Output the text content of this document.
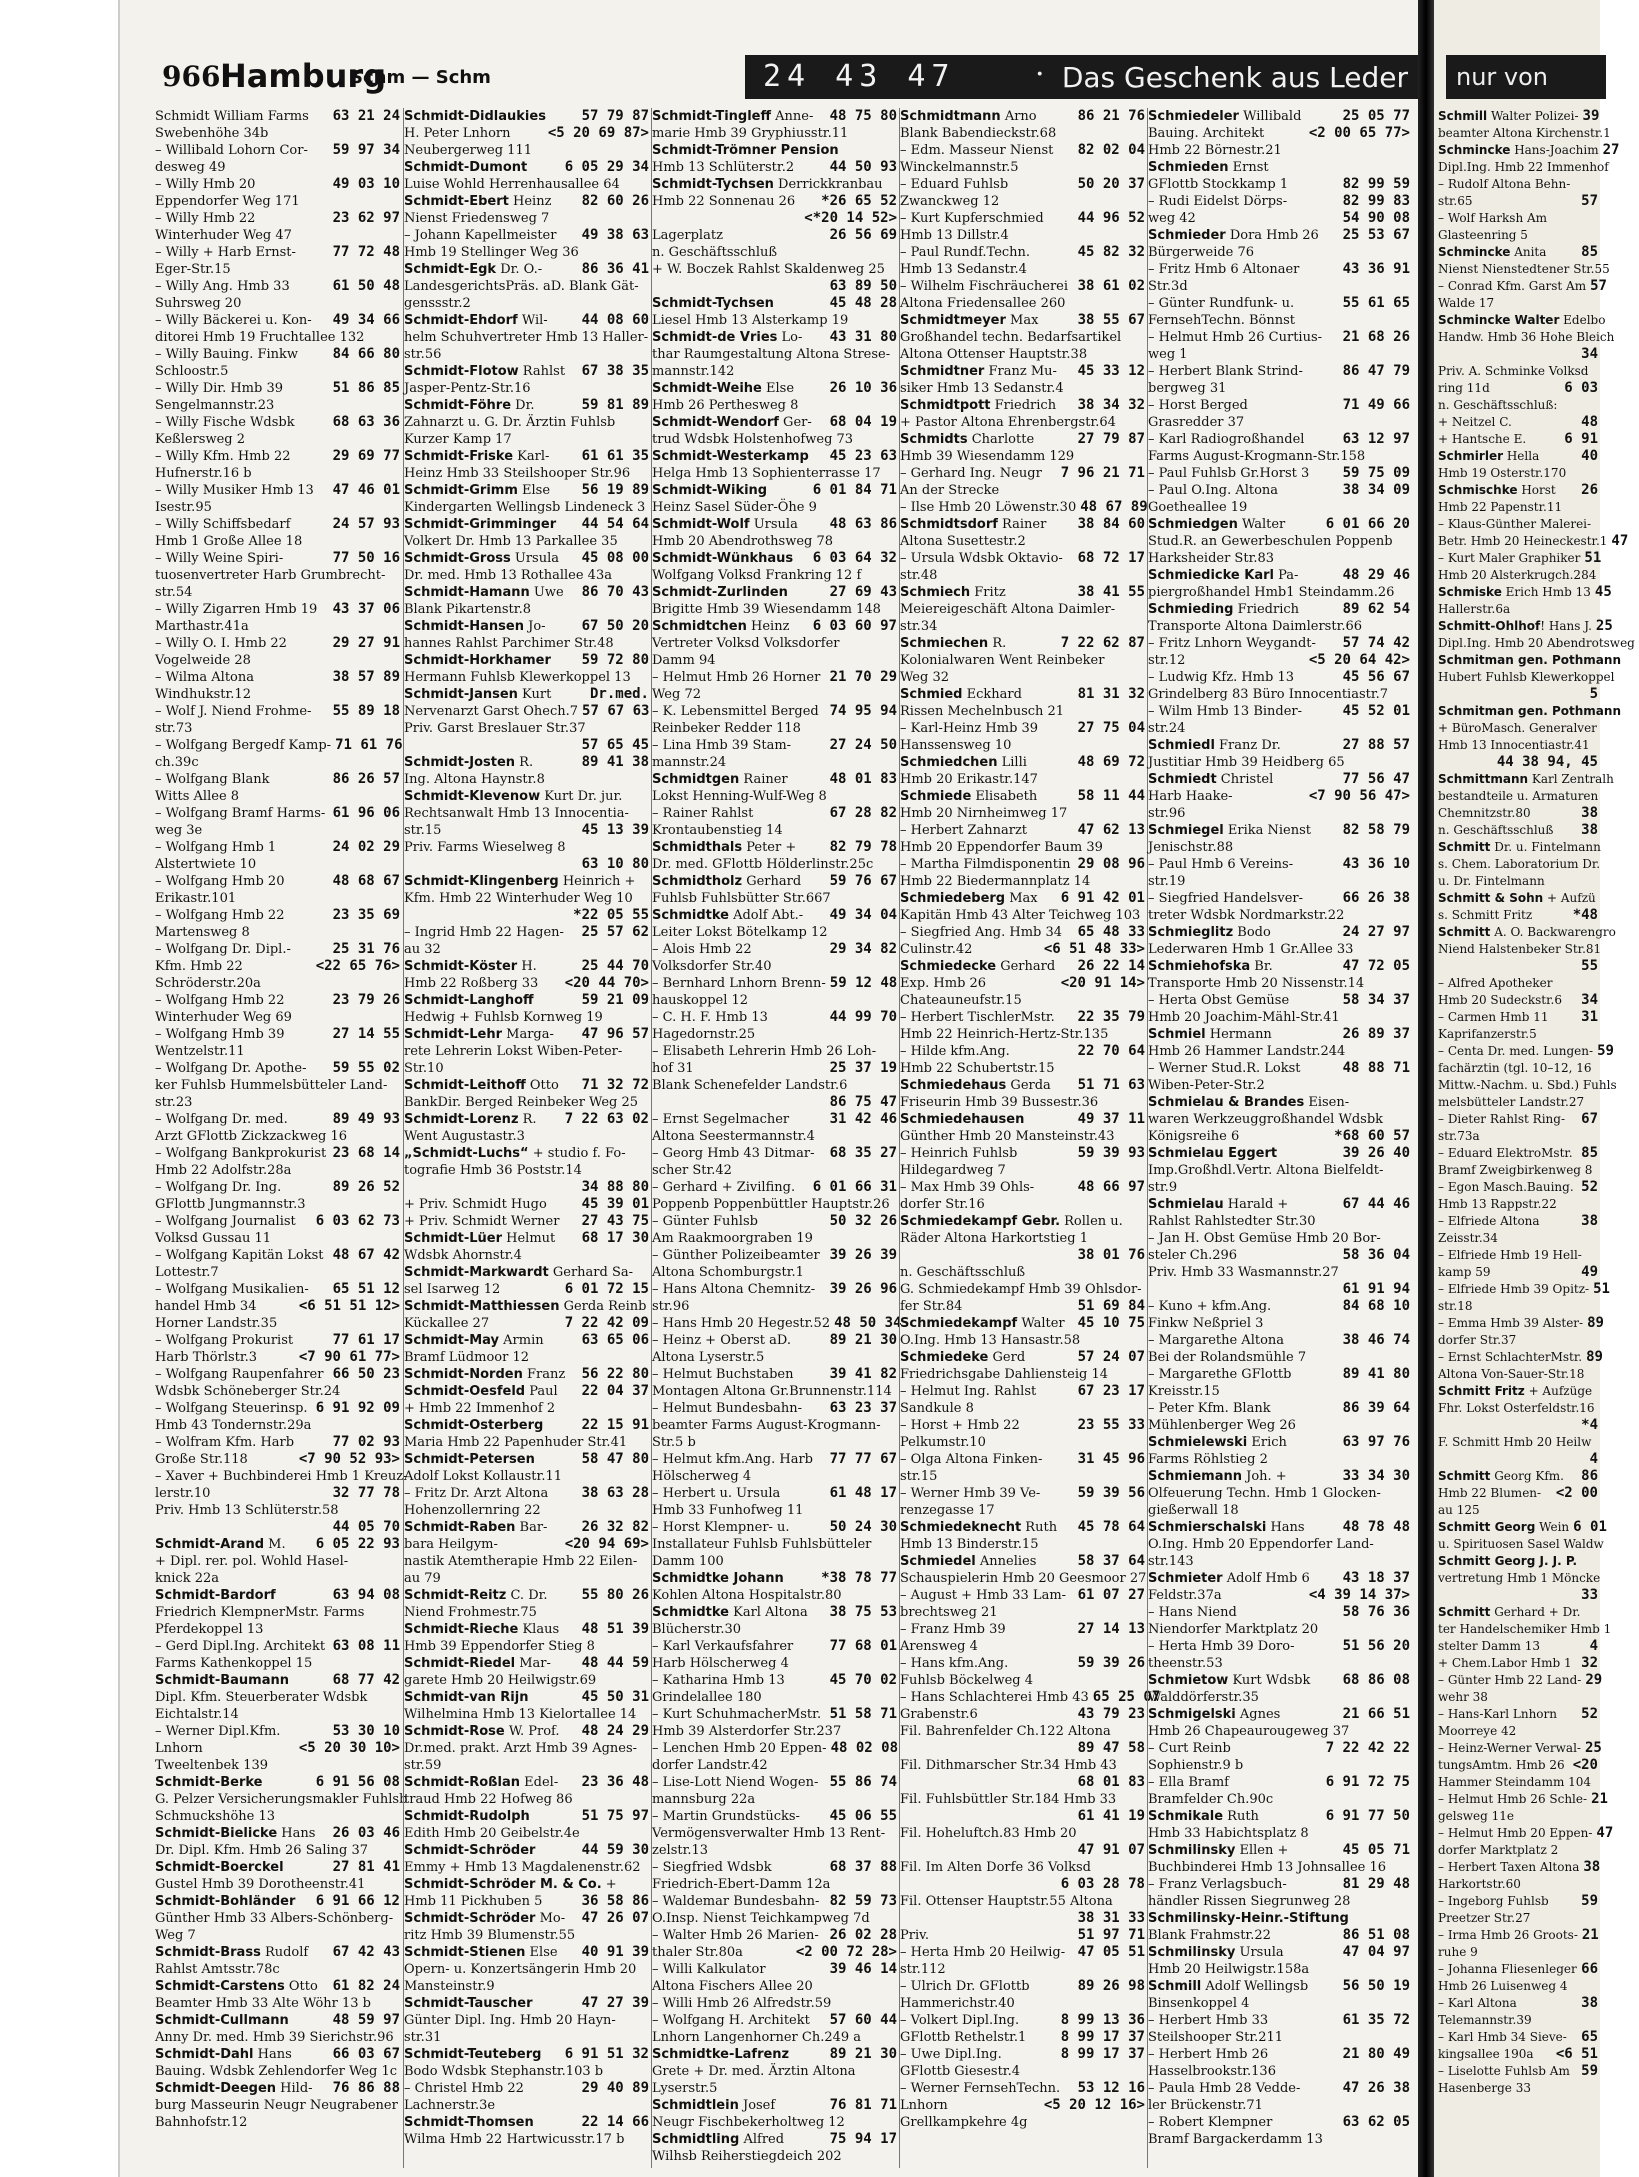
966 Hamburg
Schm — Schm	24 43 47	· Das Geschenk aus Leder
Schmidt William Farms 63 21 24
Swebenhöhe 34b
– Willibald Lohorn Cor- 59 97 34
desweg 49
– Willy Hmb 20	49 03 10
Eppendorfer Weg 171
– Willy Hmb 22	23 62 97
Winterhuder Weg 47
– Willy + Harb Ernst-	77 72 48
Eger-Str.15
– Willy Ang. Hmb 33	61 50 48
Suhrsweg 20
– Willy Bäckerei u. Kon- 49 34 66
ditorei Hmb 19 Fruchtallee 132
– Willy Bauing. Finkw 84 66 80
Schloostr.5
– Willy Dir. Hmb 39	51 86 85
Sengelmannstr.23
– Willy Fische Wdsbk	68 63 36
Keßlersweg 2
– Willy Kfm. Hmb 22	29 69 77
Hufnerstr.16 b
– Willy Musiker Hmb 13 47 46 01
Isestr.95
– Willy Schiffsbedarf	24 57 93
Hmb 1 Große Allee 18
– Willy Weine Spiri-	77 50 16
tuosenvertreter Harb Grumbrecht-
str.54
– Willy Zigarren Hmb 19 43 37 06
Marthastr.41a
– Willy O. I. Hmb 22	29 27 91
Vogelweide 28
– Wilma Altona	38 57 89
Windhukstr.12
– Wolf J. Niend Frohme- 55 89 18
str.73
– Wolfgang Bergedf Kamp- 71 61 76
ch.39c
– Wolfgang Blank	86 26 57
Witts Allee 8
– Wolfgang Bramf Harms- 61 96 06
weg 3e
– Wolfgang Hmb 1	24 02 29
Alstertwiete 10
– Wolfgang Hmb 20	48 68 67
Erikastr.101
– Wolfgang Hmb 22	23 35 69
Martensweg 8
– Wolfgang Dr. Dipl.-	25 31 76
Kfm. Hmb 22	<22 65 76>
Schröderstr.20a
– Wolfgang Hmb 22	23 79 26
Winterhuder Weg 69
– Wolfgang Hmb 39	27 14 55
Wentzelstr.11
– Wolfgang Dr. Apothe- 59 55 02
ker Fuhlsb Hummelsbütteler Land-
str.23
– Wolfgang Dr. med.	89 49 93
Arzt GFlottb Zickzackweg 16
– Wolfgang Bankprokurist 23 68 14
Hmb 22 Adolfstr.28a
– Wolfgang Dr. Ing.	89 26 52
GFlottb Jungmannstr.3
– Wolfgang Journalist 6 03 62 73
Volksd Gussau 11
– Wolfgang Kapitän Lokst 48 67 42
Lottestr.7
– Wolfgang Musikalien- 65 51 12
handel Hmb 34	<6 51 51 12>
Horner Landstr.35
– Wolfgang Prokurist	77 61 17
Harb Thörlstr.3	<7 90 61 77>
– Wolfgang Raupenfahrer 66 50 23
Wdsbk Schöneberger Str.24
– Wolfgang Steuerinsp. 6 91 92 09
Hmb 43 Tondernstr.29a
– Wolfram Kfm. Harb	77 02 93
Große Str.118	<7 90 52 93>
– Xaver + Buchbinderei Hmb 1 Kreuz-
lerstr.10	32 77 78
Priv. Hmb 13 Schlüterstr.58
44 05 70
Schmidt-Arand M. 6 05 22 93
+ Dipl. rer. pol. Wohld Hasel-
knick 22a
Schmidt-Bardorf	63 94 08
Friedrich KlempnerMstr. Farms
Pferdekoppel 13
– Gerd Dipl.Ing. Architekt 63 08 11
Farms Kathenkoppel 15
Schmidt-Baumann	68 77 42
Dipl. Kfm. Steuerberater Wdsbk
Eichtalstr.14
– Werner Dipl.Kfm.	53 30 10
Lnhorn	<5 20 30 10>
Tweeltenbek 139
Schmidt-Berke	6 91 56 08
G. Pelzer Versicherungsmakler Fuhlsb
Schmuckshöhe 13
Schmidt-Bielicke Hans 26 03 46
Dr. Dipl. Kfm. Hmb 26 Saling 37
Schmidt-Boerckel	27 81 41
Gustel Hmb 39 Dorotheenstr.41
Schmidt-Bohländer 6 91 66 12
Günther Hmb 33 Albers-Schönberg-
Weg 7
Schmidt-Brass Rudolf 67 42 43
Rahlst Amtsstr.78c
Schmidt-Carstens Otto 61 82 24
Beamter Hmb 33 Alte Wöhr 13 b
Schmidt-Cullmann	48 59 97
Anny Dr. med. Hmb 39 Sierichstr.96
Schmidt-Dahl Hans	66 03 67
Bauing. Wdsbk Zehlendorfer Weg 1c
Schmidt-Deegen Hild- 76 86 88
burg Masseurin Neugr Neugrabener
Bahnhofstr.12
Schmidt-Didlaukies	57 79 87
H. Peter Lnhorn	<5 20 69 87>
Neubergerweg 111
Schmidt-Dumont	6 05 29 34
Luise Wohld Herrenhausallee 64
Schmidt-Ebert Heinz 82 60 26
Nienst Friedensweg 7
– Johann Kapellmeister 49 38 63
Hmb 19 Stellinger Weg 36
Schmidt-Egk Dr. O.-	86 36 41
LandesgerichtsPräs. aD. Blank Gät-
genssstr.2
Schmidt-Ehdorf Wil- 44 08 60
helm Schuhvertreter Hmb 13 Haller-
str.56
Schmidt-Flotow Rahlst 67 38 35
Jasper-Pentz-Str.16
Schmidt-Föhre Dr.	59 81 89
Zahnarzt u. G. Dr. Ärztin Fuhlsb
Kurzer Kamp 17
Schmidt-Friske Karl- 61 61 35
Heinz Hmb 33 Steilshooper Str.96
Schmidt-Grimm Else 56 19 89
Kindergarten Wellingsb Lindeneck 3
Schmidt-Grimminger 44 54 64
Volkert Dr. Hmb 13 Parkallee 35
Schmidt-Gross Ursula 45 08 00
Dr. med. Hmb 13 Rothallee 43a
Schmidt-Hamann Uwe 86 70 43
Blank Pikartenstr.8
Schmidt-Hansen Jo-	67 50 20
hannes Rahlst Parchimer Str.48
Schmidt-Horkhamer 59 72 80
Hermann Fuhlsb Klewerkoppel 13
Schmidt-Jansen Kurt	Dr.med.
Nervenarzt Garst Ohech.7 57 67 63
Priv. Garst Breslauer Str.37
57 65 45
Schmidt-Josten R.	89 41 38
Ing. Altona Haynstr.8
Schmidt-Klevenow Kurt Dr. jur.
Rechtsanwalt Hmb 13 Innocentia-
str.15	45 13 39
Priv. Farms Wieselweg 8
63 10 80
Schmidt-Klingenberg Heinrich +
Kfm. Hmb 22 Winterhuder Weg 10
*22 05 55
– Ingrid Hmb 22 Hagen- 25 57 62
au 32
Schmidt-Köster H.	25 44 70
Hmb 22 Roßberg 33 <20 44 70>
Schmidt-Langhoff	59 21 09
Hedwig + Fuhlsb Kornweg 19
Schmidt-Lehr Marga- 47 96 57
rete Lehrerin Lokst Wiben-Peter-
Str.10
Schmidt-Leithoff Otto 71 32 72
BankDir. Berged Reinbeker Weg 25
Schmidt-Lorenz R. 7 22 63 02
Went Augustastr.3
„Schmidt-Luchs“ + studio f. Fo-
tografie Hmb 36 Poststr.14
34 88 80
+ Priv. Schmidt Hugo 45 39 01
+ Priv. Schmidt Werner 27 43 75
Schmidt-Lüer Helmut 68 17 30
Wdsbk Ahornstr.4
Schmidt-Markwardt Gerhard Sa-
sel Isarweg 12	6 01 72 15
Schmidt-Matthiessen Gerda Reinb
Kückallee 27	7 22 42 09
Schmidt-May Armin	63 65 06
Bramf Lüdmoor 12
Schmidt-Norden Franz 56 22 80
Schmidt-Oesfeld Paul 22 04 37
+ Hmb 22 Immenhof 2
Schmidt-Osterberg	22 15 91
Maria Hmb 22 Papenhuder Str.41
Schmidt-Petersen	58 47 80
Adolf Lokst Kollaustr.11
– Fritz Dr. Arzt Altona 38 63 28
Hohenzollernring 22
Schmidt-Raben Bar- 26 32 82
bara Heilgym-	<20 94 69>
nastik Atemtherapie Hmb 22 Eilen-
au 79
Schmidt-Reitz C. Dr. 55 80 26
Niend Frohmestr.75
Schmidt-Rieche Klaus 48 51 39
Hmb 39 Eppendorfer Stieg 8
Schmidt-Riedel Mar- 48 44 59
garete Hmb 20 Heilwigstr.69
Schmidt-van Rijn	45 50 31
Wilhelmina Hmb 13 Kielortallee 14
Schmidt-Rose W. Prof. 48 24 29
Dr.med. prakt. Arzt Hmb 39 Agnes-
str.59
Schmidt-Roßlan Edel- 23 36 48
traud Hmb 22 Hofweg 86
Schmidt-Rudolph	51 75 97
Edith Hmb 20 Geibelstr.4e
Schmidt-Schröder	44 59 30
Emmy + Hmb 13 Magdalenenstr.62
Schmidt-Schröder M. & Co. +
Hmb 11 Pickhuben 5	36 58 86
Schmidt-Schröder Mo- 47 26 07
ritz Hmb 39 Blumenstr.55
Schmidt-Stienen Else 40 91 39
Opern- u. Konzertsängerin Hmb 20
Mansteinstr.9
Schmidt-Tauscher	47 27 39
Günter Dipl. Ing. Hmb 20 Hayn-
str.31
Schmidt-Teuteberg 6 91 51 32
Bodo Wdsbk Stephanstr.103 b
– Christel Hmb 22	29 40 89
Lachnerstr.3e
Schmidt-Thomsen	22 14 66
Wilma Hmb 22 Hartwicusstr.17 b
Schmidt-Tingleff Anne- 48 75 80
marie Hmb 39 Gryphiusstr.11
Schmidt-Trömner Pension
Hmb 13 Schlüterstr.2	44 50 93
Schmidt-Tychsen Derrickkranbau
Hmb 22 Sonnenau 26 *26 65 52
<*20 14 52>
Lagerplatz	26 56 69
n. Geschäftsschluß
+ W. Boczek Rahlst Skaldenweg 25
63 89 50
Schmidt-Tychsen	45 48 28
Liesel Hmb 13 Alsterkamp 19
Schmidt-de Vries Lo- 43 31 80
thar Raumgestaltung Altona Strese-
mannstr.142
Schmidt-Weihe Else	26 10 36
Hmb 26 Perthesweg 8
Schmidt-Wendorf Ger- 68 04 19
trud Wdsbk Holstenhofweg 73
Schmidt-Westerkamp 45 23 63
Helga Hmb 13 Sophienterrasse 17
Schmidt-Wiking	6 01 84 71
Heinz Sasel Süder-Öhe 9
Schmidt-Wolf Ursula 48 63 86
Hmb 20 Abendrothsweg 78
Schmidt-Wünkhaus 6 03 64 32
Wolfgang Volksd Frankring 12 f
Schmidt-Zurlinden	27 69 43
Brigitte Hmb 39 Wiesendamm 148
Schmidtchen Heinz 6 03 60 97
Vertreter Volksd Volksdorfer
Damm 94
– Helmut Hmb 26 Horner 21 70 29
Weg 72
– K. Lebensmittel Berged 74 95 94
Reinbeker Redder 118
– Lina Hmb 39 Stam-	27 24 50
mannstr.24
Schmidtgen Rainer	48 01 83
Lokst Henning-Wulf-Weg 8
– Rainer Rahlst	67 28 82
Krontaubenstieg 14
Schmidthals Peter + 82 79 78
Dr. med. GFlottb Hölderlinstr.25c
Schmidtholz Gerhard 59 76 67
Fuhlsb Fuhlsbütter Str.667
Schmidtke Adolf Abt.- 49 34 04
Leiter Lokst Bötelkamp 12
– Alois Hmb 22	29 34 82
Volksdorfer Str.40
– Bernhard Lnhorn Brenn- 59 12 48
hauskoppel 12
– C. H. F. Hmb 13	44 99 70
Hagedornstr.25
– Elisabeth Lehrerin Hmb 26 Loh-
hof 31	25 37 19
Blank Schenefelder Landstr.6
86 75 47
– Ernst Segelmacher	31 42 46
Altona Seestermannstr.4
– Georg Hmb 43 Ditmar- 68 35 27
scher Str.42
– Gerhard + Zivilfing. 6 01 66 31
Poppenb Poppenbüttler Hauptstr.26
– Günter Fuhlsb	50 32 26
Am Raakmoorgraben 19
– Günther Polizeibeamter 39 26 39
Altona Schomburgstr.1
– Hans Altona Chemnitz- 39 26 96
str.96
– Hans Hmb 20 Hegestr.52 48 50 34
– Heinz + Oberst aD.	89 21 30
Altona Lyserstr.5
– Helmut Buchstaben	39 41 82
Montagen Altona Gr.Brunnenstr.114
– Helmut Bundesbahn- 63 23 37
beamter Farms August-Krogmann-
Str.5 b
– Helmut kfm.Ang. Harb 77 77 67
Hölscherweg 4
– Herbert u. Ursula	61 48 17
Hmb 33 Funhofweg 11
– Horst Klempner- u.	50 24 30
Installateur Fuhlsb Fuhlsbütteler
Damm 100
Schmidtke Johann	*38 78 77
Kohlen Altona Hospitalstr.80
Schmidtke Karl Altona 38 75 53
Blücherstr.30
– Karl Verkaufsfahrer	77 68 01
Harb Hölscherweg 4
– Katharina Hmb 13	45 70 02
Grindelallee 180
– Kurt SchuhmacherMstr. 51 58 71
Hmb 39 Alsterdorfer Str.237
– Lenchen Hmb 20 Eppen- 48 02 08
dorfer Landstr.42
– Lise-Lott Niend Wogen- 55 86 74
mannsburg 22a
– Martin Grundstücks- 45 06 55
Vermögensverwalter Hmb 13 Rent-
zelstr.13
– Siegfried Wdsbk	68 37 88
Friedrich-Ebert-Damm 12a
– Waldemar Bundesbahn- 82 59 73
O.Insp. Nienst Teichkampweg 7d
– Walter Hmb 26 Marien- 26 02 28
thaler Str.80a	<2 00 72 28>
– Willi Kalkulator	39 46 14
Altona Fischers Allee 20
– Willi Hmb 26 Alfredstr.59
– Wolfgang H. Architekt 57 60 44
Lnhorn Langenhorner Ch.249 a
Schmidtke-Lafrenz	89 21 30
Grete + Dr. med. Ärztin Altona
Lyserstr.5
Schmidtlein Josef	76 81 71
Neugr Fischbekerholtweg 12
Schmidtling Alfred	75 94 17
Wilhsb Reiherstiegdeich 202
Schmidtmann Arno	86 21 76
Blank Babendieckstr.68
– Edm. Masseur Nienst 82 02 04
Winckelmannstr.5
– Eduard Fuhlsb	50 20 37
Zwanckweg 12
– Kurt Kupferschmied 44 96 52
Hmb 13 Dillstr.4
– Paul Rundf.Techn.	45 82 32
Hmb 13 Sedanstr.4
– Wilhelm Fischräucherei 38 61 02
Altona Friedensallee 260
Schmidtmeyer Max	38 55 67
Großhandel techn. Bedarfsartikel
Altona Ottenser Hauptstr.38
Schmidtner Franz Mu- 45 33 12
siker Hmb 13 Sedanstr.4
Schmidtpott Friedrich 38 34 32
+ Pastor Altona Ehrenbergstr.64
Schmidts Charlotte	27 79 87
Hmb 39 Wiesendamm 129
– Gerhard Ing. Neugr 7 96 21 71
An der Strecke
– Ilse Hmb 20 Löwenstr.30 48 67 89
Schmidtsdorf Rainer 38 84 60
Altona Susettestr.2
– Ursula Wdsbk Oktavio- 68 72 17
str.48
Schmiech Fritz	38 41 55
Meiereigeschäft Altona Daimler-
str.34
Schmiechen R.	7 22 62 87
Kolonialwaren Went Reinbeker
Weg 32
Schmied Eckhard	81 31 32
Rissen Mechelnbusch 21
– Karl-Heinz Hmb 39	27 75 04
Hanssensweg 10
Schmiedchen Lilli	48 69 72
Hmb 20 Erikastr.147
Schmiede Elisabeth	58 11 44
Hmb 20 Nirnheimweg 17
– Herbert Zahnarzt	47 62 13
Hmb 20 Eppendorfer Baum 39
– Martha Filmdisponentin 29 08 96
Hmb 22 Biedermannplatz 14
Schmiedeberg Max 6 91 42 01
Kapitän Hmb 43 Alter Teichweg 103
– Siegfried Ang. Hmb 34 65 48 33
Culinstr.42	<6 51 48 33>
Schmiedecke Gerhard 26 22 14
Exp. Hmb 26	<20 91 14>
Chateauneufstr.15
– Herbert TischlerMstr. 22 35 79
Hmb 22 Heinrich-Hertz-Str.135
– Hilde kfm.Ang.	22 70 64
Hmb 22 Schubertstr.15
Schmiedehaus Gerda 51 71 63
Friseurin Hmb 39 Bussestr.36
Schmiedehausen	49 37 11
Günther Hmb 20 Mansteinstr.43
– Heinrich Fuhlsb	59 39 93
Hildegardweg 7
– Max Hmb 39 Ohls-	48 66 97
dorfer Str.16
Schmiedekampf Gebr. Rollen u.
Räder Altona Harkortstieg 1
38 01 76
n. Geschäftsschluß
G. Schmiedekampf Hmb 39 Ohlsdor-
fer Str.84	51 69 84
Schmiedekampf Walter 45 10 75
O.Ing. Hmb 13 Hansastr.58
Schmiedeke Gerd	57 24 07
Friedrichsgabe Dahliensteig 14
– Helmut Ing. Rahlst	67 23 17
Sandkule 8
– Horst + Hmb 22	23 55 33
Pelkumstr.10
– Olga Altona Finken-	31 45 96
str.15
– Werner Hmb 39 Ve-	59 39 56
renzegasse 17
Schmiedeknecht Ruth 45 78 64
Hmb 13 Binderstr.15
Schmiedel Annelies	58 37 64
Schauspielerin Hmb 20 Geesmoor 27
– August + Hmb 33 Lam- 61 07 27
brechtsweg 21
– Franz Hmb 39	27 14 13
Arensweg 4
– Hans kfm.Ang.	59 39 26
Fuhlsb Böckelweg 4
– Hans Schlachterei Hmb 43 65 25 07
Grabenstr.6	43 79 23
Fil. Bahrenfelder Ch.122 Altona
89 47 58
Fil. Dithmarscher Str.34 Hmb 43
68 01 83
Fil. Fuhlsbüttler Str.184 Hmb 33
61 41 19
Fil. Hoheluftch.83 Hmb 20
47 91 07
Fil. Im Alten Dorfe 36 Volksd
6 03 28 78
Fil. Ottenser Hauptstr.55 Altona
38 31 33
Priv.	51 97 71
– Herta Hmb 20 Heilwig- 47 05 51
str.112
– Ulrich Dr. GFlottb	89 26 98
Hammerichstr.40
– Volkert Dipl.Ing.	8 99 13 36
GFlottb Rethelstr.1 8 99 17 37
– Uwe Dipl.Ing.	8 99 17 37
GFlottb Giesestr.4
– Werner FernsehTechn. 53 12 16
Lnhorn	<5 20 12 16>
Grellkampkehre 4g
Schmiedeler Willibald	25 05 77
Bauing. Architekt	<2 00 65 77>
Hmb 22 Börnestr.21
Schmieden Ernst
GFlottb Stockkamp 1	82 99 59
– Rudi Eidelst Dörps-	82 99 83
weg 42	54 90 08
Schmieder Dora Hmb 26 25 53 67
Bürgerweide 76
– Fritz Hmb 6 Altonaer	43 36 91
Str.3d
– Günter Rundfunk- u.	55 61 65
FernsehTechn. Bönnst
– Helmut Hmb 26 Curtius- 21 68 26
weg 1
– Herbert Blank Strind-	86 47 79
bergweg 31
– Horst Berged	71 49 66
Grasredder 37
– Karl Radiogroßhandel	63 12 97
Farms August-Krogmann-Str.158
– Paul Fuhlsb Gr.Horst 3 59 75 09
– Paul O.Ing. Altona	38 34 09
Goetheallee 19
Schmiedgen Walter	6 01 66 20
Stud.R. an Gewerbeschulen Poppenb
Harksheider Str.83
Schmiedicke Karl Pa-	48 29 46
piergroßhandel Hmb1 Steindamm.26
Schmieding Friedrich	89 62 54
Transporte Altona Daimlerstr.66
– Fritz Lnhorn Weygandt- 57 74 42
str.12	<5 20 64 42>
– Ludwig Kfz. Hmb 13	45 56 67
Grindelberg 83 Büro Innocentiastr.7
– Wilm Hmb 13 Binder-	45 52 01
str.24
Schmiedl Franz Dr.	27 88 57
Justitiar Hmb 39 Heidberg 65
Schmiedt Christel	77 56 47
Harb Haake-	<7 90 56 47>
str.96
Schmiegel Erika Nienst 82 58 79
Jenischstr.88
– Paul Hmb 6 Vereins-	43 36 10
str.19
– Siegfried Handelsver-	66 26 38
treter Wdsbk Nordmarkstr.22
Schmieglitz Bodo	24 27 97
Lederwaren Hmb 1 Gr.Allee 33
Schmiehofska Br.	47 72 05
Transporte Hmb 20 Nissenstr.14
– Herta Obst Gemüse	58 34 37
Hmb 20 Joachim-Mähl-Str.41
Schmiel Hermann	26 89 37
Hmb 26 Hammer Landstr.244
– Werner Stud.R. Lokst	48 88 71
Wiben-Peter-Str.2
Schmielau & Brandes Eisen-
waren Werkzeuggroßhandel Wdsbk
Königsreihe 6	*68 60 57
Schmielau Eggert	39 26 40
Imp.Großhdl.Vertr. Altona Bielfeldt-
str.9
Schmielau Harald +	67 44 46
Rahlst Rahlstedter Str.30
– Jan H. Obst Gemüse Hmb 20 Bor-
steler Ch.296	58 36 04
Priv. Hmb 33 Wasmannstr.27
61 91 94
– Kuno + kfm.Ang.	84 68 10
Finkw Neßpriel 3
– Margarethe Altona	38 46 74
Bei der Rolandsmühle 7
– Margarethe GFlottb	89 41 80
Kreisstr.15
– Peter Kfm. Blank	86 39 64
Mühlenberger Weg 26
Schmielewski Erich	63 97 76
Farms Röhlstieg 2
Schmiemann Joh. +	33 34 30
Olfeuerung Techn. Hmb 1 Glocken-
gießerwall 18
Schmierschalski Hans	48 78 48
O.Ing. Hmb 20 Eppendorfer Land-
str.143
Schmieter Adolf Hmb 6 43 18 37
Feldstr.37a	<4 39 14 37>
– Hans Niend	58 76 36
Niendorfer Marktplatz 20
– Herta Hmb 39 Doro-	51 56 20
theenstr.53
Schmietow Kurt Wdsbk 68 86 08
Walddörferstr.35
Schmigelski Agnes	21 66 51
Hmb 26 Chapeaurougeweg 37
– Curt Reinb	7 22 42 22
Sophienstr.9 b
– Ella Bramf	6 91 72 75
Bramfelder Ch.90c
Schmikale Ruth	6 91 77 50
Hmb 33 Habichtsplatz 8
Schmilinsky Ellen +	45 05 71
Buchbinderei Hmb 13 Johnsallee 16
– Franz Verlagsbuch-	81 29 48
händler Rissen Siegrunweg 28
Schmilinsky-Heinr.-Stiftung
Blank Frahmstr.22	86 51 08
Schmilinsky Ursula	47 04 97
Hmb 20 Heilwigstr.158a
Schmill Adolf Wellingsb 56 50 19
Binsenkoppel 4
– Herbert Hmb 33	61 35 72
Steilshooper Str.211
– Herbert Hmb 26	21 80 49
Hasselbrookstr.136
– Paula Hmb 28 Vedde-	47 26 38
ler Brückenstr.71
– Robert Klempner	63 62 05
Bramf Bargackerdamm 13
nur von
Schmill Walter Polizei- 39
beamter Altona Kirchenstr.1
Schmincke Hans-Joachim 27
Dipl.Ing. Hmb 22 Immenhof
– Rudolf Altona Behn-
str.65	57
– Wolf Harksh Am
Glasteenring 5
Schmincke Anita 85
Nienst Nienstedtener Str.55
– Conrad Kfm. Garst Am 57
Walde 17
Schmincke Walter Edelbo
Handw. Hmb 36 Hohe Bleich
34
Priv. A. Schminke Volksd
ring 11d	6 03
n. Geschäftsschluß:
+ Neitzel C.	48
+ Hantsche E.	6 91
Schmirler Hella	40
Hmb 19 Osterstr.170
Schmischke Horst 26
Hmb 22 Papenstr.11
– Klaus-Günther Malerei-
Betr. Hmb 20 Heineckestr.1 47
– Kurt Maler Graphiker 51
Hmb 20 Alsterkrugch.284
Schmiske Erich Hmb 13 45
Hallerstr.6a
Schmitt-Ohlhof! Hans J. 25
Dipl.Ing. Hmb 20 Abendrotsweg
Schmitman gen. Pothmann
Hubert Fuhlsb Klewerkoppel
5
Schmitman gen. Pothmann
+ BüroMasch. Generalver
Hmb 13 Innocentiastr.41
44 38 94, 45
Schmittmann Karl Zentralh
bestandteile u. Armaturen
Chemnitzstr.80	38
n. Geschäftsschluß 38
Schmitt Dr. u. Fintelmann
s. Chem. Laboratorium Dr.
u. Dr. Fintelmann
Schmitt & Sohn + Aufzü
s. Schmitt Fritz	*48
Schmitt A. O. Backwarengro
Niend Halstenbeker Str.81
55
– Alfred Apotheker
Hmb 20 Sudeckstr.6 34
– Carmen Hmb 11 31
Kaprifanzerstr.5
– Centa Dr. med. Lungen- 59
fachärztin (tgl. 10–12, 16
Mittw.-Nachm. u. Sbd.) Fuhls
melsbütteler Landstr.27
– Dieter Rahlst Ring- 67
str.73a
– Eduard ElektroMstr. 85
Bramf Zweigbirkenweg 8
– Egon Masch.Bauing. 52
Hmb 13 Rappstr.22
– Elfriede Altona	38
Zeisstr.34
– Elfriede Hmb 19 Hell-
kamp 59	49
– Elfriede Hmb 39 Opitz- 51
str.18
– Emma Hmb 39 Alster- 89
dorfer Str.37
– Ernst SchlachterMstr. 89
Altona Von-Sauer-Str.18
Schmitt Fritz + Aufzüge
Fhr. Lokst Osterfeldstr.16
*4
F. Schmitt Hmb 20 Heilw
4
Schmitt Georg Kfm. 86
Hmb 22 Blumen- <2 00
au 125
Schmitt Georg Wein 6 01
u. Spirituosen Sasel Waldw
Schmitt Georg J. J. P.
vertretung Hmb 1 Möncke
33
Schmitt Gerhard + Dr.
ter Handelschemiker Hmb 1
stelter Damm 13	4
+ Chem.Labor Hmb 1 32
– Günter Hmb 22 Land- 29
wehr 38
– Hans-Karl Lnhorn 52
Moorreye 42
– Heinz-Werner Verwal- 25
tungsAmtm. Hmb 26 <20
Hammer Steindamm 104
– Helmut Hmb 26 Schle- 21
gelsweg 11e
– Helmut Hmb 20 Eppen- 47
dorfer Marktplatz 2
– Herbert Taxen Altona 38
Harkortstr.60
– Ingeborg Fuhlsb 59
Preetzer Str.27
– Irma Hmb 26 Groots- 21
ruhe 9
– Johanna Fliesenleger 66
Hmb 26 Luisenweg 4
– Karl Altona	38
Telemannstr.39
– Karl Hmb 34 Sieve- 65
kingsallee 190a <6 51
– Liselotte Fuhlsb Am 59
Hasenberge 33
